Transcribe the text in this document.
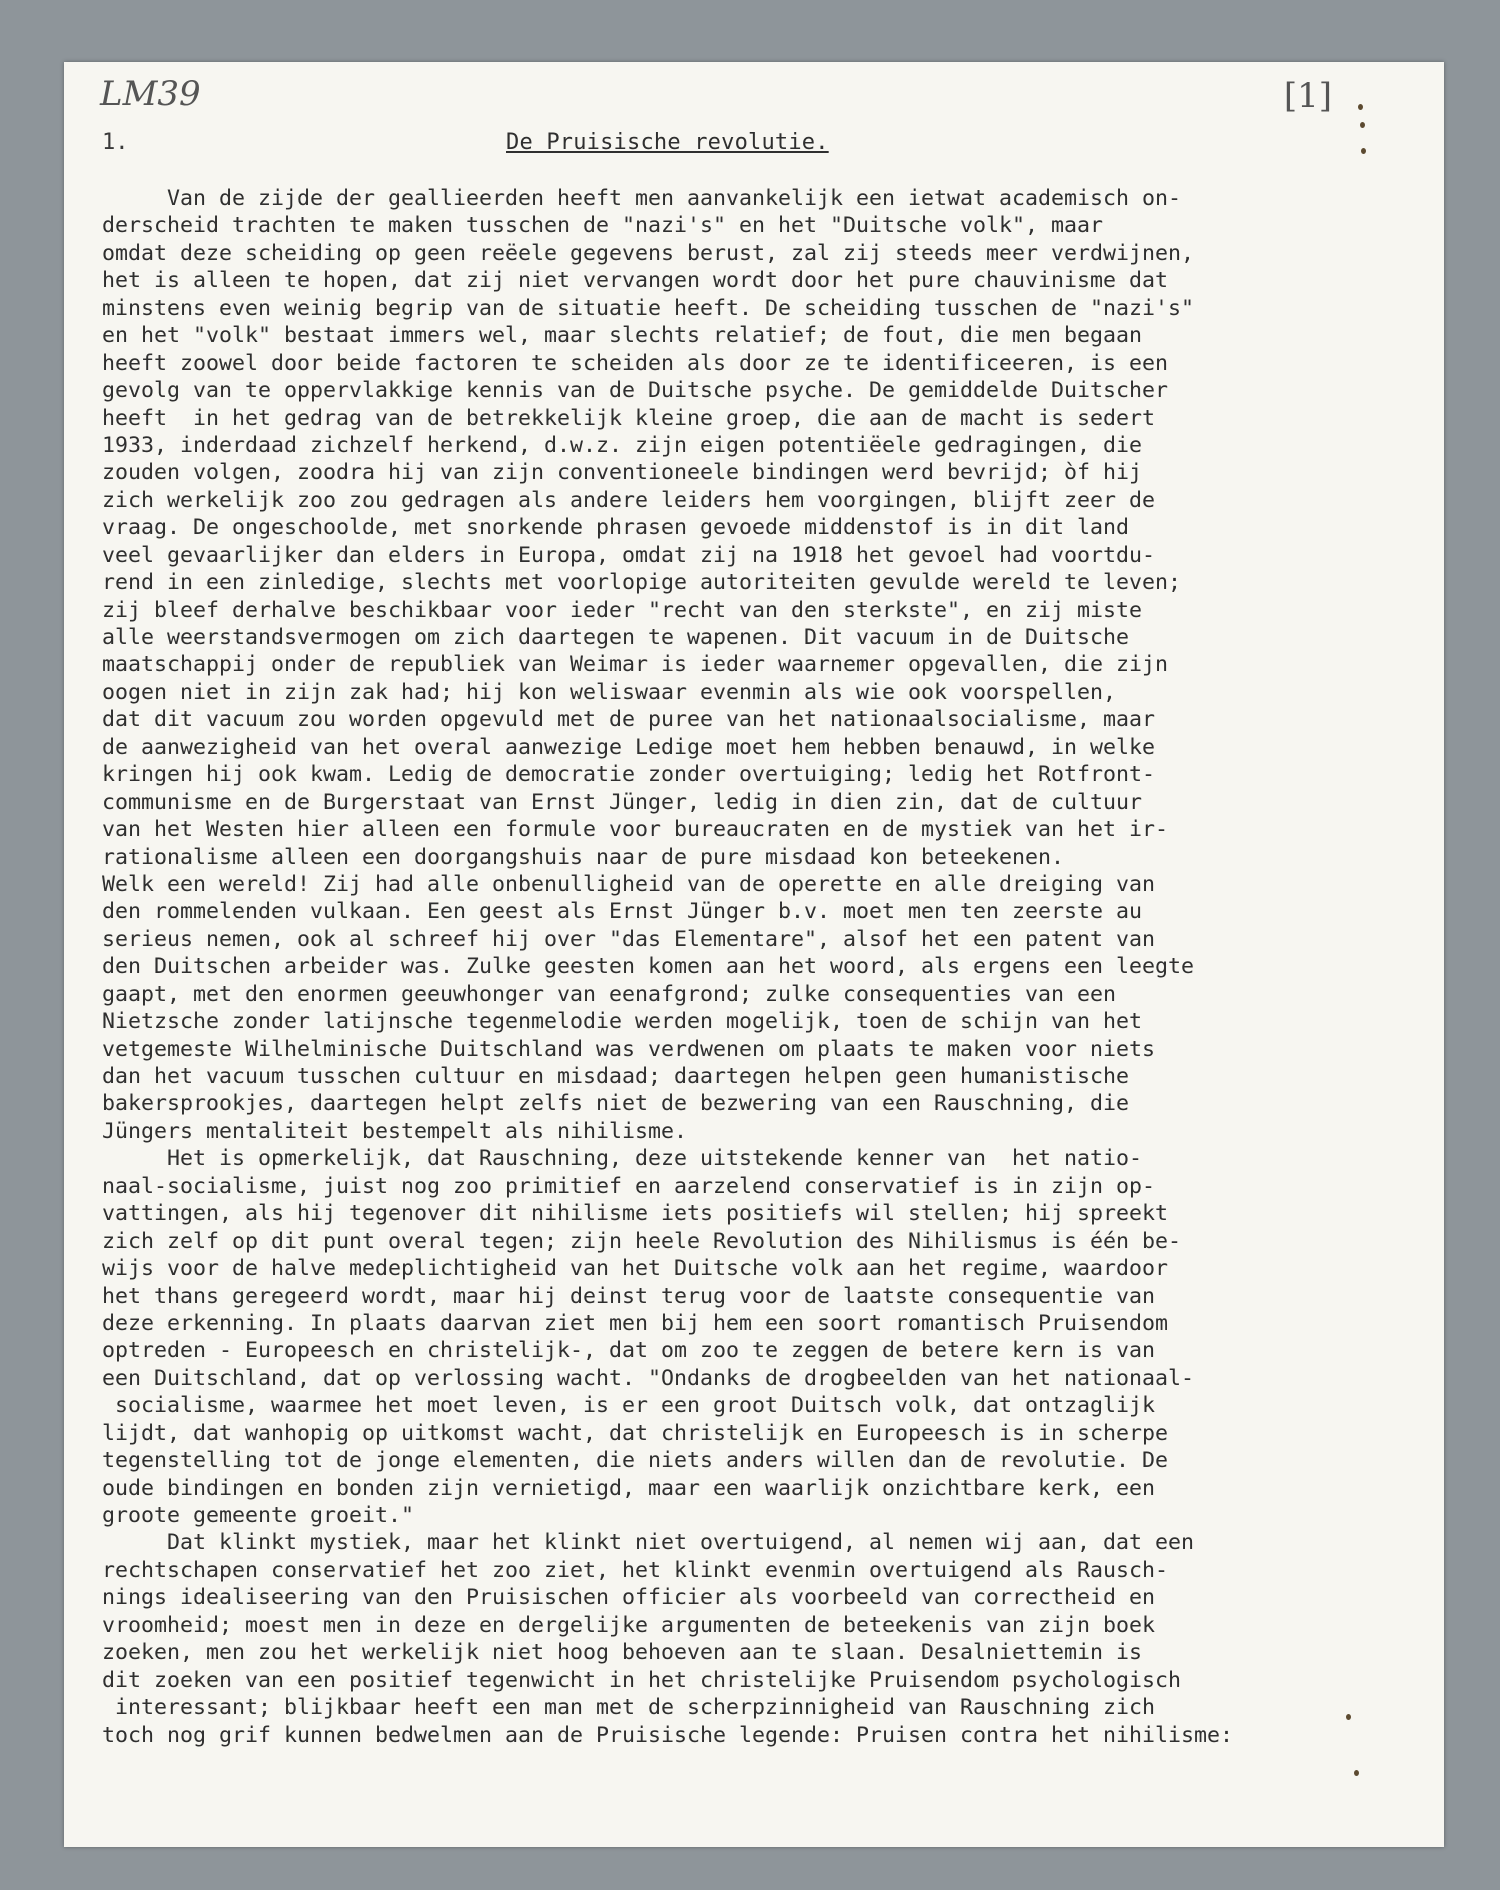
LM39	[1]
1.	De Pruisische revolutie.
Van de zijde der geallieerden heeft men aanvankelijk een ietwat academisch on-
derscheid trachten te maken tusschen de "nazi's" en het "Duitsche volk", maar
omdat deze scheiding op geen reëele gegevens berust, zal zij steeds meer verdwijnen,
het is alleen te hopen, dat zij niet vervangen wordt door het pure chauvinisme dat
minstens even weinig begrip van de situatie heeft. De scheiding tusschen de "nazi's"
en het "volk" bestaat immers wel, maar slechts relatief; de fout, die men begaan
heeft zoowel door beide factoren te scheiden als door ze te identificeeren, is een
gevolg van te oppervlakkige kennis van de Duitsche psyche. De gemiddelde Duitscher
heeft  in het gedrag van de betrekkelijk kleine groep, die aan de macht is sedert
1933, inderdaad zichzelf herkend, d.w.z. zijn eigen potentiëele gedragingen, die
zouden volgen, zoodra hij van zijn conventioneele bindingen werd bevrijd; òf hij
zich werkelijk zoo zou gedragen als andere leiders hem voorgingen, blijft zeer de
vraag. De ongeschoolde, met snorkende phrasen gevoede middenstof is in dit land
veel gevaarlijker dan elders in Europa, omdat zij na 1918 het gevoel had voortdu-
rend in een zinledige, slechts met voorlopige autoriteiten gevulde wereld te leven;
zij bleef derhalve beschikbaar voor ieder "recht van den sterkste", en zij miste
alle weerstandsvermogen om zich daartegen te wapenen. Dit vacuum in de Duitsche
maatschappij onder de republiek van Weimar is ieder waarnemer opgevallen, die zijn
oogen niet in zijn zak had; hij kon weliswaar evenmin als wie ook voorspellen,
dat dit vacuum zou worden opgevuld met de puree van het nationaalsocialisme, maar
de aanwezigheid van het overal aanwezige Ledige moet hem hebben benauwd, in welke
kringen hij ook kwam. Ledig de democratie zonder overtuiging; ledig het Rotfront-
communisme en de Burgerstaat van Ernst Jünger, ledig in dien zin, dat de cultuur
van het Westen hier alleen een formule voor bureaucraten en de mystiek van het ir-
rationalisme alleen een doorgangshuis naar de pure misdaad kon beteekenen.
Welk een wereld! Zij had alle onbenulligheid van de operette en alle dreiging van
den rommelenden vulkaan. Een geest als Ernst Jünger b.v. moet men ten zeerste au
serieus nemen, ook al schreef hij over "das Elementare", alsof het een patent van
den Duitschen arbeider was. Zulke geesten komen aan het woord, als ergens een leegte
gaapt, met den enormen geeuwhonger van eenafgrond; zulke consequenties van een
Nietzsche zonder latijnsche tegenmelodie werden mogelijk, toen de schijn van het
vetgemeste Wilhelminische Duitschland was verdwenen om plaats te maken voor niets
dan het vacuum tusschen cultuur en misdaad; daartegen helpen geen humanistische
bakersprookjes, daartegen helpt zelfs niet de bezwering van een Rauschning, die
Jüngers mentaliteit bestempelt als nihilisme.
Het is opmerkelijk, dat Rauschning, deze uitstekende kenner van  het natio-
naal-socialisme, juist nog zoo primitief en aarzelend conservatief is in zijn op-
vattingen, als hij tegenover dit nihilisme iets positiefs wil stellen; hij spreekt
zich zelf op dit punt overal tegen; zijn heele Revolution des Nihilismus is één be-
wijs voor de halve medeplichtigheid van het Duitsche volk aan het regime, waardoor
het thans geregeerd wordt, maar hij deinst terug voor de laatste consequentie van
deze erkenning. In plaats daarvan ziet men bij hem een soort romantisch Pruisendom
optreden - Europeesch en christelijk-, dat om zoo te zeggen de betere kern is van
een Duitschland, dat op verlossing wacht. "Ondanks de drogbeelden van het nationaal-
socialisme, waarmee het moet leven, is er een groot Duitsch volk, dat ontzaglijk
lijdt, dat wanhopig op uitkomst wacht, dat christelijk en Europeesch is in scherpe
tegenstelling tot de jonge elementen, die niets anders willen dan de revolutie. De
oude bindingen en bonden zijn vernietigd, maar een waarlijk onzichtbare kerk, een
groote gemeente groeit."
Dat klinkt mystiek, maar het klinkt niet overtuigend, al nemen wij aan, dat een
rechtschapen conservatief het zoo ziet, het klinkt evenmin overtuigend als Rausch-
nings idealiseering van den Pruisischen officier als voorbeeld van correctheid en
vroomheid; moest men in deze en dergelijke argumenten de beteekenis van zijn boek
zoeken, men zou het werkelijk niet hoog behoeven aan te slaan. Desalniettemin is
dit zoeken van een positief tegenwicht in het christelijke Pruisendom psychologisch
interessant; blijkbaar heeft een man met de scherpzinnigheid van Rauschning zich
toch nog grif kunnen bedwelmen aan de Pruisische legende: Pruisen contra het nihilisme:
